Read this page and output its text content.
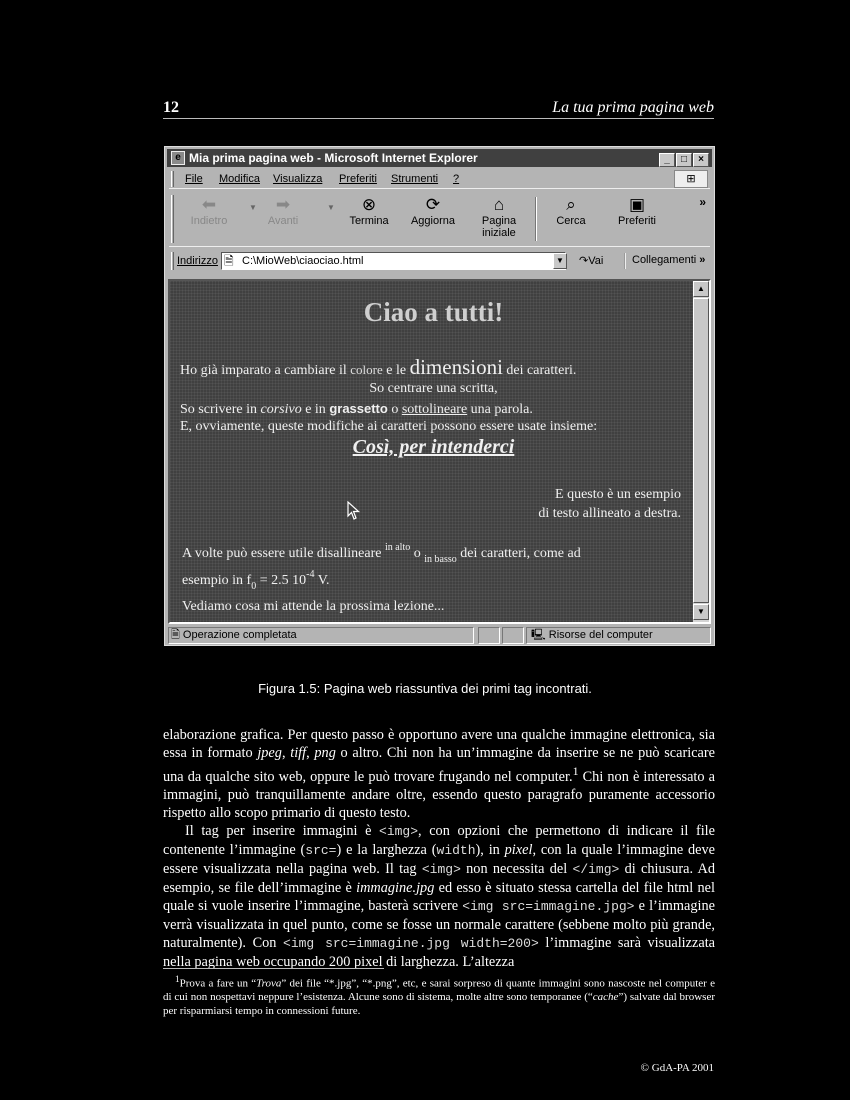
12	La tua prima pagina web
e Mia prima pagina web - Microsoft Internet Explorer	_ □ ×
File Modifica Visualizza Preferiti Strumenti ?	⊞
⬅
Indietro
▼	➡
Avanti
▼	⊗
Termina
⟳
Aggiorna
⌂
Pagina
iniziale
⌕
Cerca
▣
Preferiti
»
Indirizzo 🗎 C:\MioWeb\ciaociao.html	▼ ↷Vai	Collegamenti »
Ciao a tutti!
Ho già imparato a cambiare il colore e le dimensioni dei caratteri.
So centrare una scritta,
So scrivere in corsivo e in grassetto o sottolineare una parola.
E, ovviamente, queste modifiche ai caratteri possono essere usate insieme:
Così, per intenderci
E questo è un esempio
di testo allineato a destra.
A volte può essere utile disallineare $^{in alto}$ o $_{in basso}$ dei caratteri, come ad
esempio in $f_0 = 2.5$ $10^{-4}$ V.
Vediamo cosa mi attende la prossima lezione...
▲
▼
🗎 Operazione completata	🖳 Risorse del computer
Figura 1.5: Pagina web riassuntiva dei primi tag incontrati.

elaborazione grafica. Per questo passo è opportuno avere una qualche immagine elettronica, sia essa in formato jpeg, tiff, png o altro. Chi non ha un’immagine da inserire se ne può scaricare una da qualche sito web, oppure le può trovare frugando nel computer.$^1$ Chi non è interessato a immagini, può tranquillamente andare oltre, essendo questo paragrafo puramente accessorio rispetto allo scopo primario di questo testo.

Il tag per inserire immagini è <img>, con opzioni che permettono di indicare il file contenente l’immagine (src=) e la larghezza (width), in pixel, con la quale l’immagine deve essere visualizzata nella pagina web. Il tag <img> non necessita del </img> di chiusura. Ad esempio, se file dell’immagine è immagine.jpg ed esso è situato stessa cartella del file html nel quale si vuole inserire l’immagine, basterà scrivere <img src=immagine.jpg> e l’immagine verrà visualizzata in quel punto, come se fosse un normale carattere (sebbene molto più grande, naturalmente). Con <img src=immagine.jpg width=200> l’immagine sarà visualizzata nella pagina web occupando 200 pixel di larghezza. L’altezza

$^1$Prova a fare un “Trova” dei file “*.jpg”, “*.png”, etc, e sarai sorpreso di quante immagini sono nascoste nel computer e di cui non nospettavi neppure l’esistenza. Alcune sono di sistema, molte altre sono temporanee (“cache”) salvate dal browser per risparmiarsi tempo in connessioni future.
© GdA-PA 2001
